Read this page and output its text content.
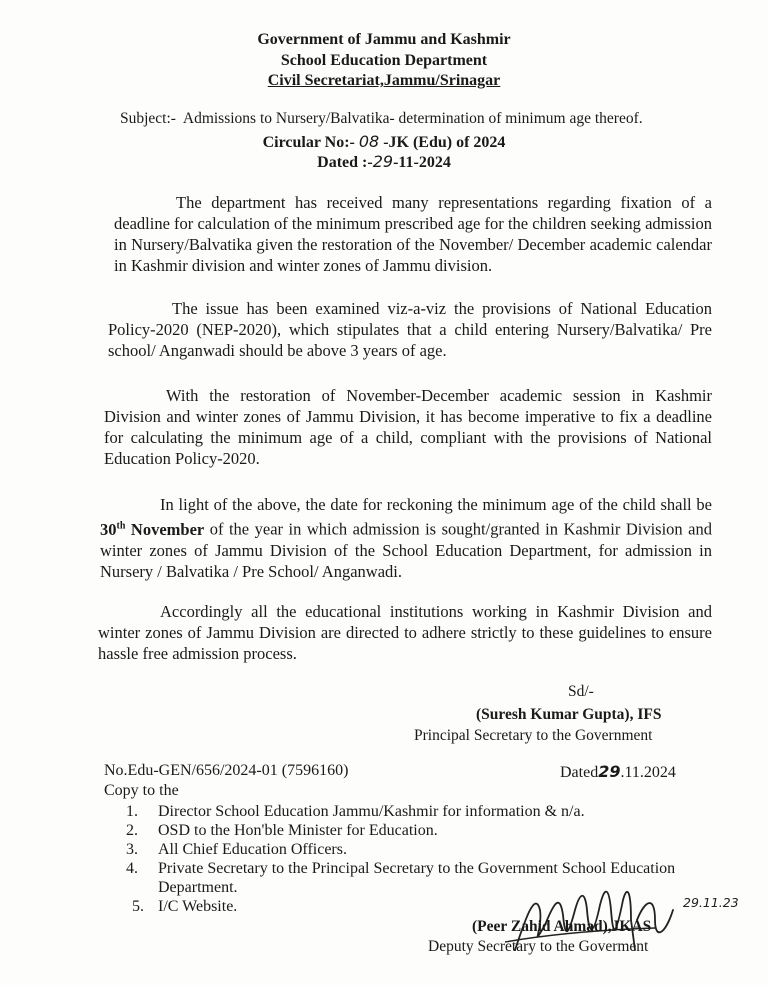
Government of Jammu and Kashmir
School Education Department
Civil Secretariat,Jammu/Srinagar
Subject:- Admissions to Nursery/Balvatika- determination of minimum age thereof.
Circular No:- 08 -JK (Edu) of 2024
Dated :-29-11-2024
The department has received many representations regarding fixation of a deadline for calculation of the minimum prescribed age for the children seeking admission in Nursery/Balvatika given the restoration of the November/ December academic calendar in Kashmir division and winter zones of Jammu division.
The issue has been examined viz-a-viz the provisions of National Education Policy-2020 (NEP-2020), which stipulates that a child entering Nursery/Balvatika/ Pre school/ Anganwadi should be above 3 years of age.
With the restoration of November-December academic session in Kashmir Division and winter zones of Jammu Division, it has become imperative to fix a deadline for calculating the minimum age of a child, compliant with the provisions of National Education Policy-2020.
In light of the above, the date for reckoning the minimum age of the child shall be 30th November of the year in which admission is sought/granted in Kashmir Division and winter zones of Jammu Division of the School Education Department, for admission in Nursery / Balvatika / Pre School/ Anganwadi.
Accordingly all the educational institutions working in Kashmir Division and winter zones of Jammu Division are directed to adhere strictly to these guidelines to ensure hassle free admission process.
Sd/-
(Suresh Kumar Gupta), IFS
Principal Secretary to the Government
No.Edu-GEN/656/2024-01 (7596160)	Dated29.11.2024
Copy to the
1. Director School Education Jammu/Kashmir for information & n/a.
2. OSD to the Hon'ble Minister for Education.
3. All Chief Education Officers.
4. Private Secretary to the Principal Secretary to the Government School Education Department.
5. I/C Website.	29.11.23
(Peer Zahid Ahmad),JKAS
Deputy Secretary to the Goverment
